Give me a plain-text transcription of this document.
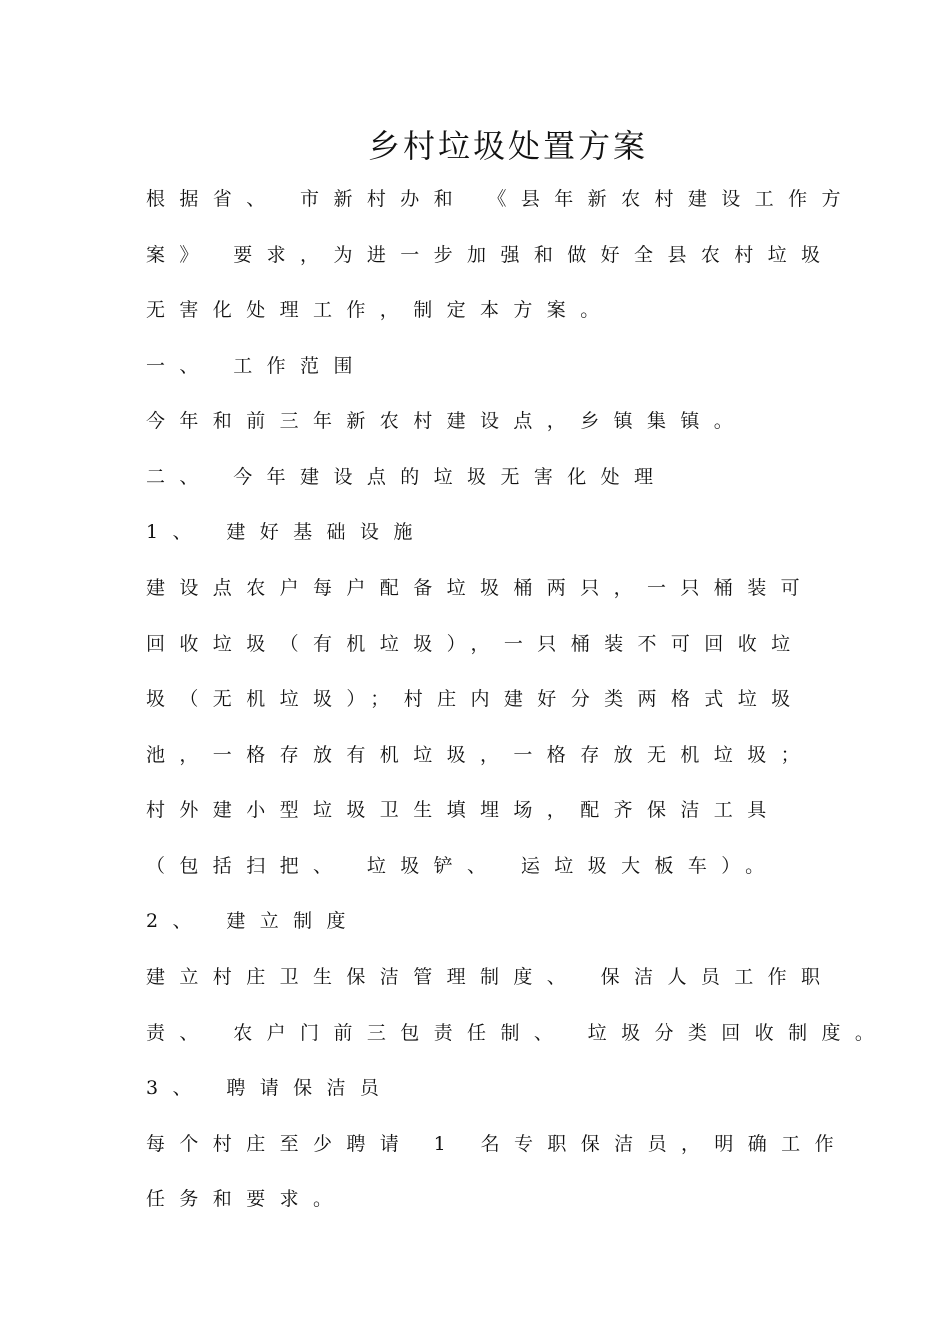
乡村垃圾处置方案
根据省、 市新村办和 《县年新农村建设工作方
案》 要求，为进一步加强和做好全县农村垃圾
无害化处理工作，制定本方案。
一、 工作范围
今年和前三年新农村建设点，乡镇集镇。
二、 今年建设点的垃圾无害化处理
1、 建好基础设施
建设点农户每户配备垃圾桶两只，一只桶装可
回收垃圾（有机垃圾），一只桶装不可回收垃
圾（无机垃圾）；村庄内建好分类两格式垃圾
池，一格存放有机垃圾，一格存放无机垃圾；
村外建小型垃圾卫生填埋场，配齐保洁工具
（包括扫把、 垃圾铲、 运垃圾大板车）。
2、 建立制度
建立村庄卫生保洁管理制度、 保洁人员工作职
责、 农户门前三包责任制、 垃圾分类回收制度。
3、 聘请保洁员
每个村庄至少聘请 1 名专职保洁员，明确工作
任务和要求。
